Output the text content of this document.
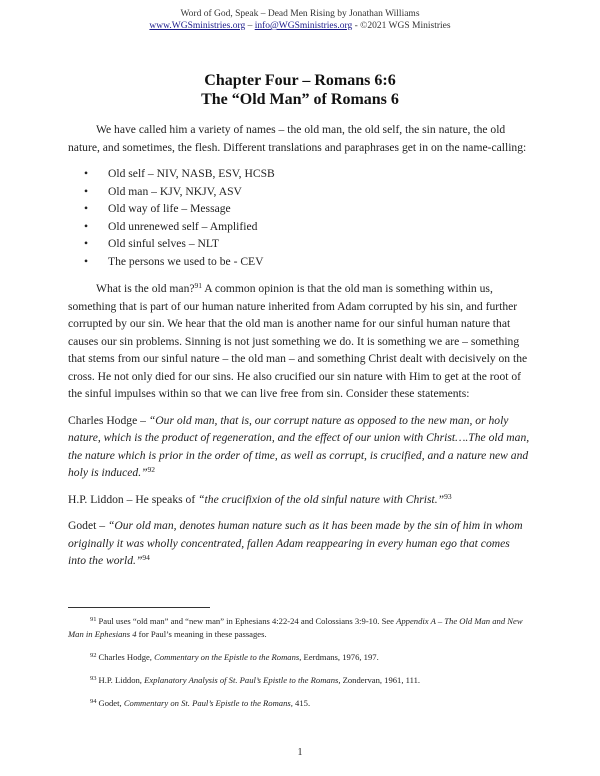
Word of God, Speak – Dead Men Rising by Jonathan Williams
www.WGSministries.org – info@WGSministries.org - ©2021 WGS Ministries
Chapter Four – Romans 6:6
The “Old Man” of Romans 6

We have called him a variety of names – the old man, the old self, the sin nature, the old nature, and sometimes, the flesh. Different translations and paraphrases get in on the name-calling:

• Old self – NIV, NASB, ESV, HCSB
• Old man – KJV, NKJV, ASV
• Old way of life – Message
• Old unrenewed self – Amplified
• Old sinful selves – NLT
• The persons we used to be - CEV

What is the old man?$^{91}$ A common opinion is that the old man is something within us, something that is part of our human nature inherited from Adam corrupted by his sin, and further corrupted by our sin. We hear that the old man is another name for our sinful human nature that causes our sin problems. Sinning is not just something we do. It is something we are – something that stems from our sinful nature – the old man – and something Christ dealt with decisively on the cross. He not only died for our sins. He also crucified our sin nature with Him to get at the root of the sinful impulses within so that we can live free from sin. Consider these statements:

Charles Hodge – “Our old man, that is, our corrupt nature as opposed to the new man, or holy nature, which is the product of regeneration, and the effect of our union with Christ….The old man, the nature which is prior in the order of time, as well as corrupt, is crucified, and a nature new and holy is induced.”$^{92}$

H.P. Liddon – He speaks of “the crucifixion of the old sinful nature with Christ.”$^{93}$

Godet – “Our old man, denotes human nature such as it has been made by the sin of him in whom originally it was wholly concentrated, fallen Adam reappearing in every human ego that comes into the world.”$^{94}$

$^{91}$ Paul uses “old man” and “new man” in Ephesians 4:22-24 and Colossians 3:9-10. See Appendix A – The Old Man and New Man in Ephesians 4 for Paul’s meaning in these passages.
$^{92}$ Charles Hodge, Commentary on the Epistle to the Romans, Eerdmans, 1976, 197.
$^{93}$ H.P. Liddon, Explanatory Analysis of St. Paul’s Epistle to the Romans, Zondervan, 1961, 111.
$^{94}$ Godet, Commentary on St. Paul’s Epistle to the Romans, 415.
1
